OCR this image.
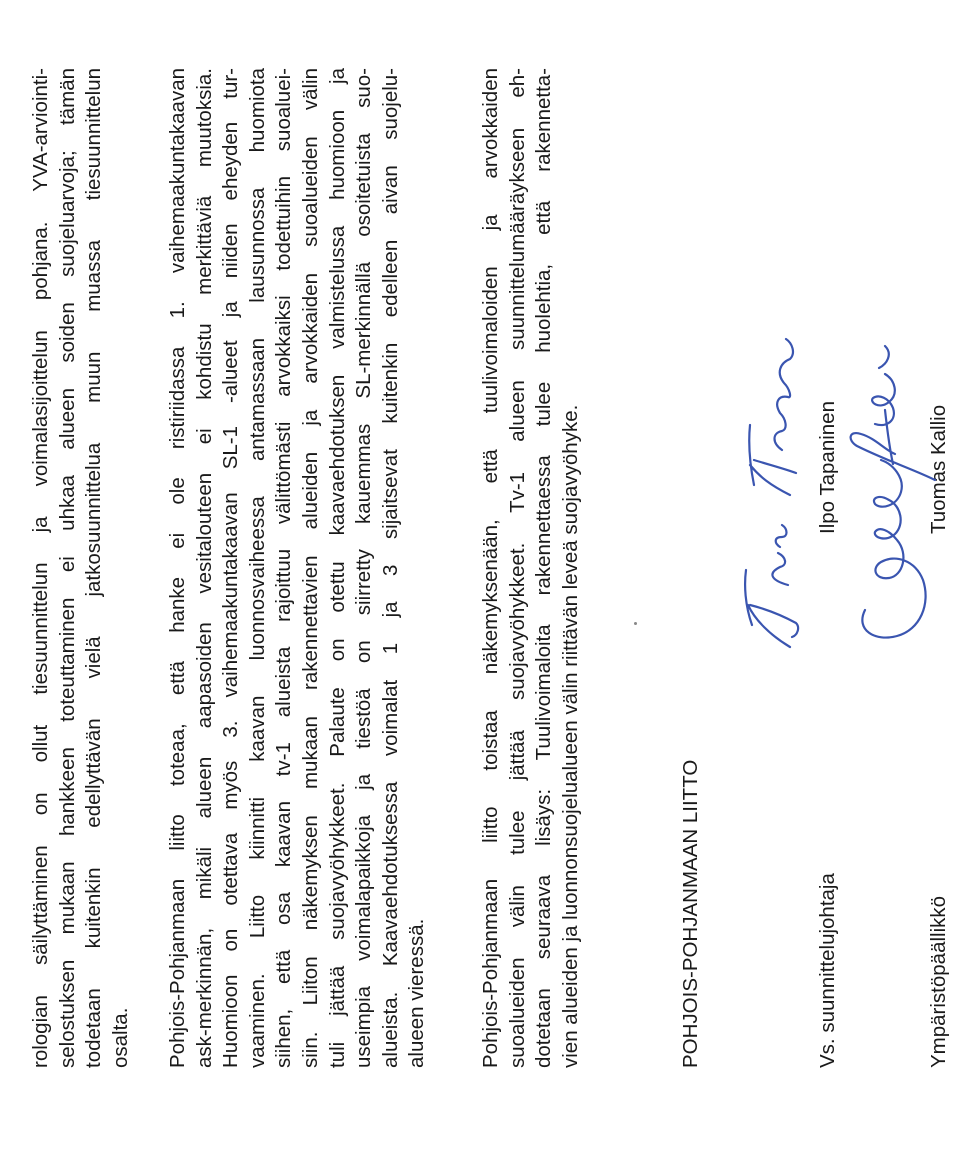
rologian säilyttäminen on ollut tiesuunnittelun ja voimalasijoittelun pohjana. YVA-arviointi- selostuksen mukaan hankkeen toteuttaminen ei uhkaa alueen soiden suojeluarvoja; tämän todetaan kuitenkin edellyttävän vielä jatkosuunnittelua muun muassa tiesuunnittelun osalta. Pohjois-Pohjanmaan liitto toteaa, että hanke ei ole ristiriidassa 1. vaihemaakuntakaavan ask-merkinnän, mikäli alueen aapasoiden vesitalouteen ei kohdistu merkittäviä muutoksia. Huomioon on otettava myös 3. vaihemaakuntakaavan SL-1 -alueet ja niiden eheyden tur- vaaminen. Liitto kiinnitti kaavan luonnosvaiheessa antamassaan lausunnossa huomiota siihen, että osa kaavan tv-1 alueista rajoittuu välittömästi arvokkaiksi todettuihin suoaluei- siin. Liiton näkemyksen mukaan rakennettavien alueiden ja arvokkaiden suoalueiden välin tuli jättää suojavyöhykkeet. Palaute on otettu kaavaehdotuksen valmistelussa huomioon ja useimpia voimalapaikkoja ja tiestöä on siirretty kauemmas SL-merkinnällä osoitetuista suo- alueista. Kaavaehdotuksessa voimalat 1 ja 3 sijaitsevat kuitenkin edelleen aivan suojelu- alueen vieressä. Pohjois-Pohjanmaan liitto toistaa näkemyksenään, että tuulivoimaloiden ja arvokkaiden suoalueiden välin tulee jättää suojavyöhykkeet. Tv-1 alueen suunnittelumääräykseen eh- dotetaan seuraava lisäys: Tuulivoimaloita rakennettaessa tulee huolehtia, että rakennetta- vien alueiden ja luonnonsuojelualueen välin riittävän leveä suojavyöhyke.	POHJOIS-POHJANMAAN LIITTO	Vs. suunnittelujohtaja

Ilpo Tapaninen

Ympäristöpäällikkö

Tuomas Kallio
